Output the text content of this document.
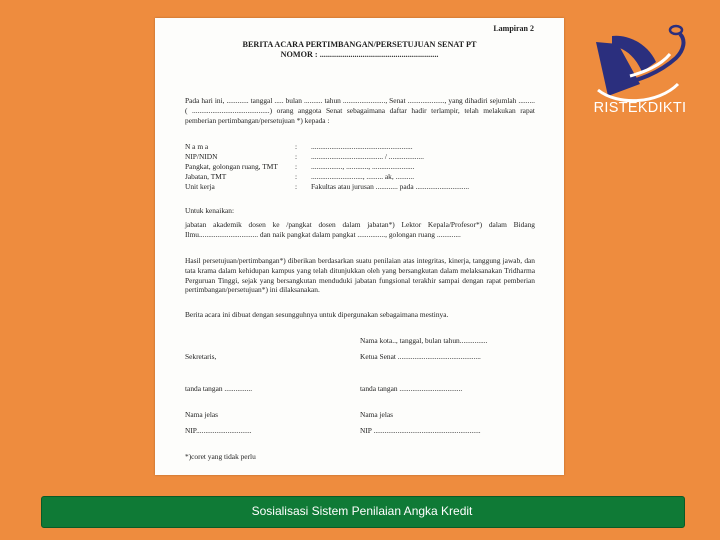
Lampiran 2
BERITA ACARA PERTIMBANGAN/PERSETUJUAN SENAT PT
NOMOR : ..........................................................
Pada hari ini, ............ tanggal ..... bulan .......... tahun ......................., Senat ...................., yang dihadiri sejumlah ......... ( ..........................................) orang anggota Senat sebagaimana daftar hadir terlampir, telah melakukan rapat pemberian pertimbangan/persetujuan *) kepada :
N a m a	: .......................................................
NIP/NIDN	: ....................................... / ...................
Pangkat, golongan ruang, TMT : ................., ............, .......................
Jabatan, TMT	: ............................, ......... ak, ..........
Unit kerja	: Fakultas atau jurusan ............ pada .............................
Untuk kenaikan:
jabatan akademik dosen ke /pangkat dosen dalam jabatan*) Lektor Kepala/Profesor*) dalam Bidang Ilmu................................ dan naik pangkat dalam pangkat ..............., golongan ruang .............
Hasil persetujuan/pertimbangan*) diberikan berdasarkan suatu penilaian atas integritas, kinerja, tanggung jawab, dan tata krama dalam kehidupan kampus yang telah ditunjukkan oleh yang bersangkutan dalam melaksanakan Tridharma Perguruan Tinggi, sejak yang bersangkutan menduduki jabatan fungsional terakhir sampai dengan rapat pemberian pertimbangan/persetujuan*) ini dilaksanakan.
Berita acara ini dibuat dengan sesungguhnya untuk dipergunakan sebagaimana mestinya.
Nama kota.., tanggal, bulan tahun...............
Sekretaris,	Ketua Senat .............................................
tanda tangan ...............	tanda tangan ..................................
Nama jelas	Nama jelas
NIP..............................	NIP ..........................................................
*)coret yang tidak perlu
RISTEKDIKTI
Sosialisasi Sistem Penilaian Angka Kredit
